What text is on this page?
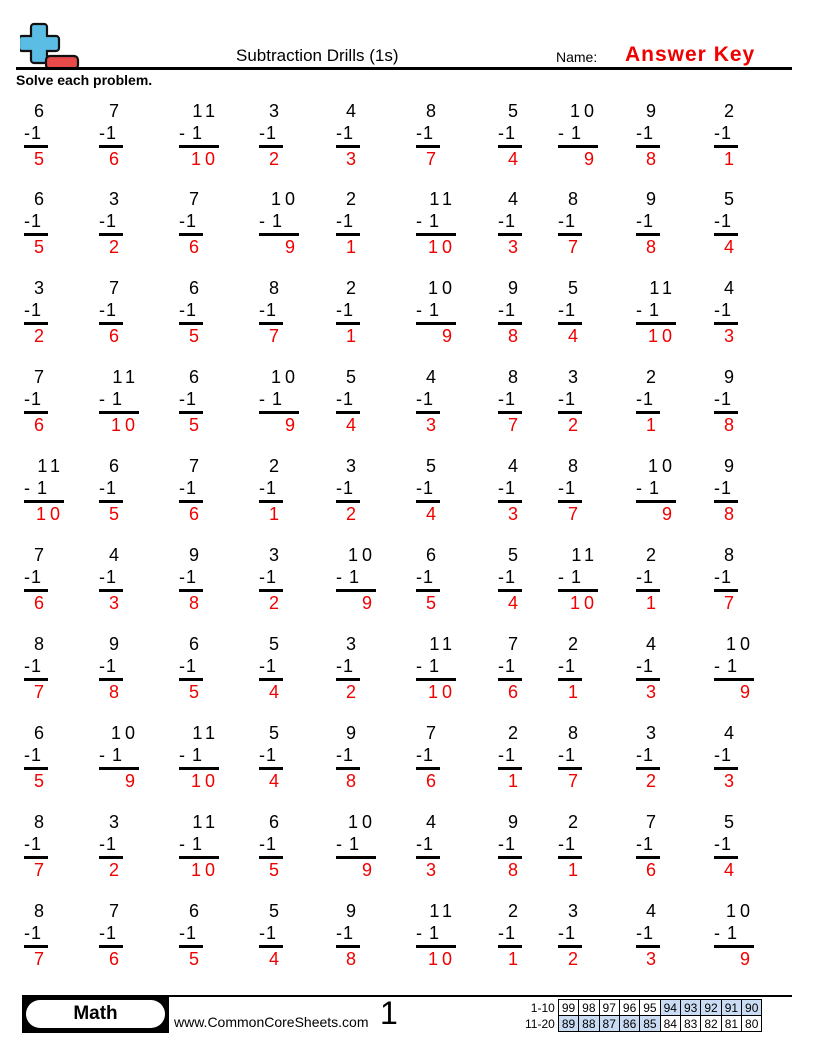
Subtraction Drills (1s)	Name: Answer Key
Solve each problem.
6
-1
5
7
-1
6
11
- 1
10
3
-1
2
4
-1
3
8
-1
7
5
-1
4
10
- 1
9
9
-1
8
2
-1
1
6
-1
5
3
-1
2
7
-1
6
10
- 1
9
2
-1
1
11
- 1
10
4
-1
3
8
-1
7
9
-1
8
5
-1
4
3
-1
2
7
-1
6
6
-1
5
8
-1
7
2
-1
1
10
- 1
9
9
-1
8
5
-1
4
11
- 1
10
4
-1
3
7
-1
6
11
- 1
10
6
-1
5
10
- 1
9
5
-1
4
4
-1
3
8
-1
7
3
-1
2
2
-1
1
9
-1
8
11
- 1
10
6
-1
5
7
-1
6
2
-1
1
3
-1
2
5
-1
4
4
-1
3
8
-1
7
10
- 1
9
9
-1
8
7
-1
6
4
-1
3
9
-1
8
3
-1
2
10
- 1
9
6
-1
5
5
-1
4
11
- 1
10
2
-1
1
8
-1
7
8
-1
7
9
-1
8
6
-1
5
5
-1
4
3
-1
2
11
- 1
10
7
-1
6
2
-1
1
4
-1
3
10
- 1
9
6
-1
5
10
- 1
9
11
- 1
10
5
-1
4
9
-1
8
7
-1
6
2
-1
1
8
-1
7
3
-1
2
4
-1
3
8
-1
7
3
-1
2
11
- 1
10
6
-1
5
10
- 1
9
4
-1
3
9
-1
8
2
-1
1
7
-1
6
5
-1
4
8
-1
7
7
-1
6
6
-1
5
5
-1
4
9
-1
8
11
- 1
10
2
-1
1
3
-1
2
4
-1
3
10
- 1
9
Math	www.CommonCoreSheets.com 1	1-10	99	98	97	96	95	94	93	92	91	90
11-20	89	88	87	86	85	84	83	82	81	80
